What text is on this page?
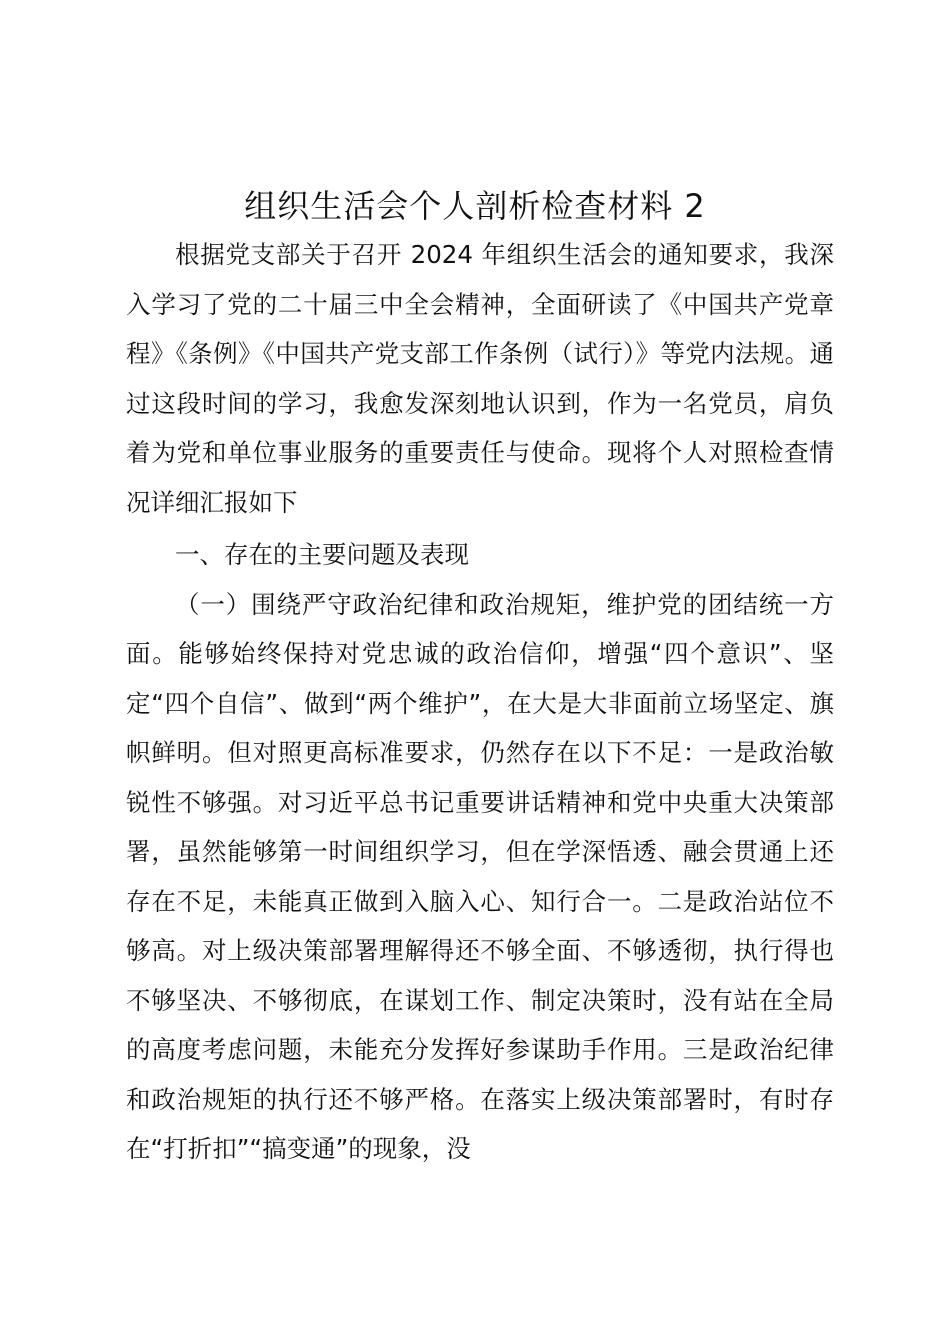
组织生活会个人剖析检查材料 2

根据党支部关于召开 2024 年组织生活会的通知要求，我深入学习了党的二十届三中全会精神，全面研读了《中国共产党章程》《条例》《中国共产党支部工作条例（试行）》等党内法规。通过这段时间的学习，我愈发深刻地认识到，作为一名党员，肩负着为党和单位事业服务的重要责任与使命。现将个人对照检查情况详细汇报如下

一、存在的主要问题及表现

（一）围绕严守政治纪律和政治规矩，维护党的团结统一方面。能够始终保持对党忠诚的政治信仰，增强“四个意识”、坚定“四个自信”、做到“两个维护”，在大是大非面前立场坚定、旗帜鲜明。但对照更高标准要求，仍然存在以下不足：一是政治敏锐性不够强。对习近平总书记重要讲话精神和党中央重大决策部署，虽然能够第一时间组织学习，但在学深悟透、融会贯通上还存在不足，未能真正做到入脑入心、知行合一。二是政治站位不够高。对上级决策部署理解得还不够全面、不够透彻，执行得也不够坚决、不够彻底，在谋划工作、制定决策时，没有站在全局的高度考虑问题，未能充分发挥好参谋助手作用。三是政治纪律和政治规矩的执行还不够严格。在落实上级决策部署时，有时存在“打折扣”“搞变通”的现象，没
